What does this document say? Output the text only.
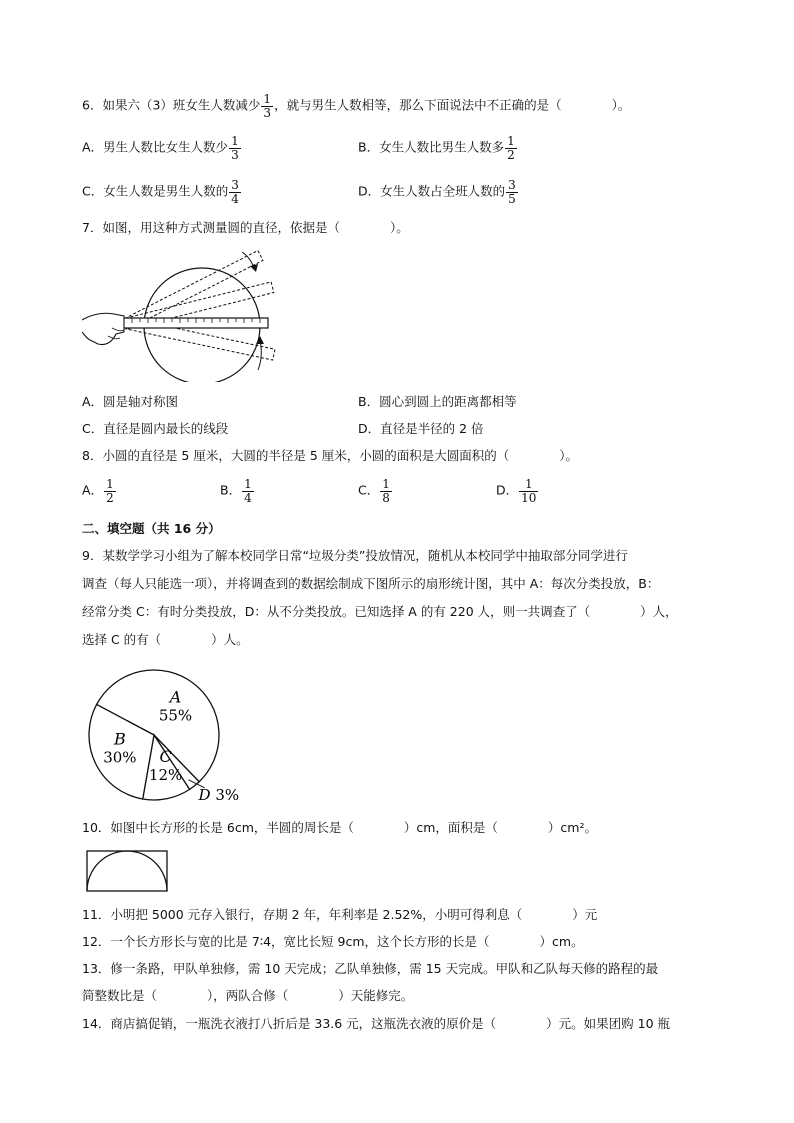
6．如果六（3）班女生人数减少 $\frac{1}{3}$ ，就与男生人数相等，那么下面说法中不正确的是（　　　　）。
A．男生人数比女生人数少 $\frac{1}{3}$	B．女生人数比男生人数多 $\frac{1}{2}$
C．女生人数是男生人数的 $\frac{3}{4}$	D．女生人数占全班人数的 $\frac{3}{5}$
7．如图，用这种方式测量圆的直径，依据是（　　　　）。
A．圆是轴对称图	B．圆心到圆上的距离都相等
C．直径是圆内最长的线段	D．直径是半径的 2 倍
8．小圆的直径是 5 厘米，大圆的半径是 5 厘米，小圆的面积是大圆面积的（　　　　）。
A． $\frac{1}{2}$	B． $\frac{1}{4}$	C． $\frac{1}{8}$	D． $\frac{1}{10}$
二、填空题（共 16 分）
9．某数学学习小组为了解本校同学日常“垃圾分类”投放情况，随机从本校同学中抽取部分同学进行
调查（每人只能选一项），并将调查到的数据绘制成下图所示的扇形统计图，其中 A：每次分类投放，B：
经常分类 C：有时分类投放，D：从不分类投放。已知选择 A 的有 220 人，则一共调查了（　　　　）人，
选择 C 的有（　　　　）人。
A
55%
D 3%
C
12%
B
30%
10．如图中长方形的长是 6cm，半圆的周长是（　　　　）cm，面积是（　　　　）cm²。
11．小明把 5000 元存入银行，存期 2 年，年利率是 2.52%，小明可得利息（　　　　）元
12．一个长方形长与宽的比是 7∶4，宽比长短 9cm，这个长方形的长是（　　　　）cm。
13．修一条路，甲队单独修，需 10 天完成；乙队单独修，需 15 天完成。甲队和乙队每天修的路程的最
简整数比是（　　　　），两队合修（　　　　）天能修完。
14．商店搞促销，一瓶洗衣液打八折后是 33.6 元，这瓶洗衣液的原价是（　　　　）元。如果团购 10 瓶
